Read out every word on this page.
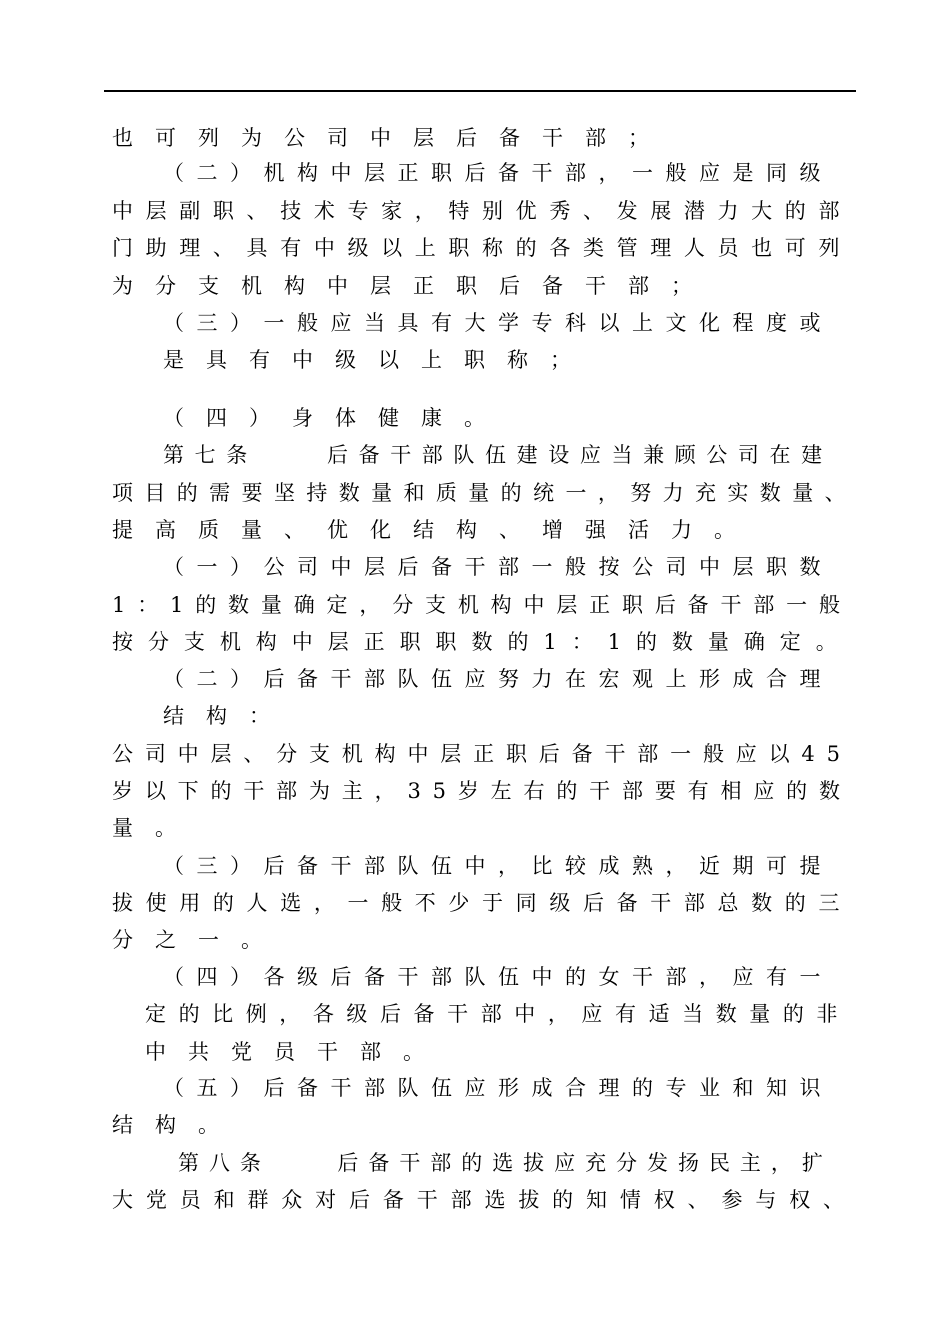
也可列为公司中层后备干部；
（二）机构中层正职后备干部，一般应是同级
中层副职、技术专家，特别优秀、发展潜力大的部
门助理、具有中级以上职称的各类管理人员也可列
为分支机构中层正职后备干部；
（三）一般应当具有大学专科以上文化程度或
是具有中级以上职称；
（四）身体健康。
第七条    后备干部队伍建设应当兼顾公司在建
项目的需要坚持数量和质量的统一，努力充实数量、
提高质量、优化结构、增强活力。
（一）公司中层后备干部一般按公司中层职数
1：1的数量确定，分支机构中层正职后备干部一般
按分支机构中层正职职数的1：1的数量确定。
（二）后备干部队伍应努力在宏观上形成合理
结构：
公司中层、分支机构中层正职后备干部一般应以45
岁以下的干部为主，35岁左右的干部要有相应的数
量。
（三）后备干部队伍中，比较成熟，近期可提
拔使用的人选，一般不少于同级后备干部总数的三
分之一。
（四）各级后备干部队伍中的女干部，应有一
定的比例，各级后备干部中，应有适当数量的非
中共党员干部。
（五）后备干部队伍应形成合理的专业和知识
结构。
第八条    后备干部的选拔应充分发扬民主，扩
大党员和群众对后备干部选拔的知情权、参与权、
